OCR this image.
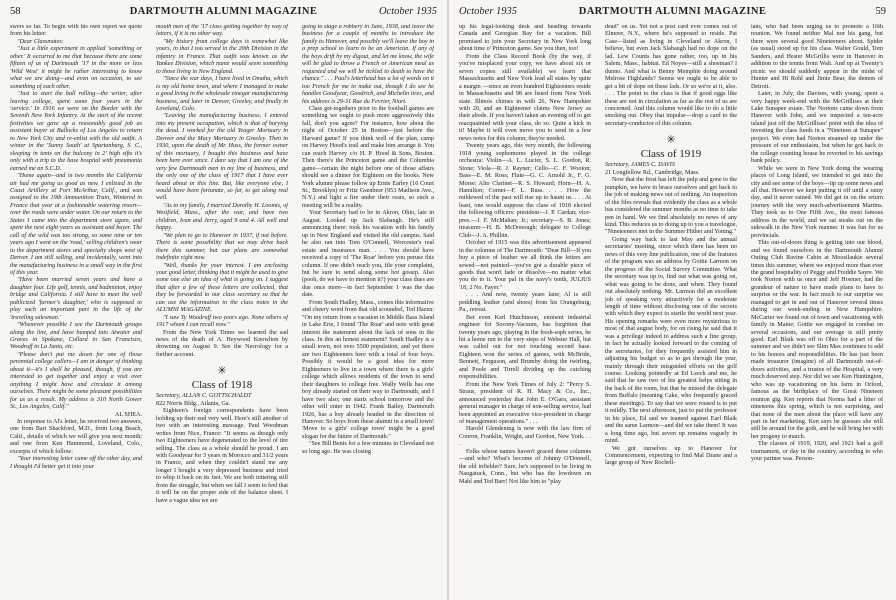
58	DARTMOUTH ALUMNI MAGAZINE	October 1935

swers so far. To begin with his own report we quote from his letter:

"Dear Classmates:

"Just a little experiment in applied 'something or other.' It occurred to me that because there are some fifteen of us of Dartmouth '17 in the more or less 'Wild West' it might be rather interesting to know what we are doing—and even on occasion, to see something of each other.

"Just to start the ball rolling—the writer, after leaving college, spent some four years in the 'service.' In 1916 we were on the Border with the Seventh New York Infantry. At the start of the recent festivities we gave up a reasonably good job as assistant buyer at Bullocks of Los Angeles to return to New York City and re-enlist with the old outfit. A winter in the 'Sunny South' at Spartanburg, S. C., sleeping in tents on the balcony in 2' high sifts it's only with a trip to the base hospital with pneumonia earned me an S.C.D.

"Home again—and in two months the California air had me going as good as new. I enlisted in the Coast Artillery at Fort McArthur, Calif., and was assigned to the 19th Ammunition Train, Wintered in France that year at a fashionable watering resort—over the roads were under water. On our return to the States I came into the department store again, and spent the next eight years as assistant and buyer. The call of the wild was too strong, so some nine or ten years ago I went on the 'road,' selling children's wear to the department stores and specialty shops west of Denver. I am still selling, and incidentally, went into the manufacturing business in a small way in the first of this year.

"Have been married seven years and have a daughter four. Life golf, tennis, and badminton, enjoy bridge and California. I still have to meet the well publicized 'farmer's daughter,' who is supposed to play such an important part in the life of the 'traveling salesman.'

"Whenever possible I see the Dartmouth groups along the line, and have bumped into Atwater and Graves in Spokane, Collard in San Francisco, Woodruff in La Junta, etc.

"Please don't put me down for one of those perennial college callers—I am in danger of thinking about it—it's I shall be pleased, though, if you are interested to get together and enjoy a visit over anything I might have and circulate it among ourselves. There might be some pleasant possibilities for us as a result. My address is 310 North Gower St., Los Angeles, Calif."

AL SHEA.

In response to Al's letter, he received two answers, one from Bart Shackford, M.D., from Long Beach, Calif., details of which we will give you next month; and one from Ken Hammond, Loveland, Colo., excerpts of which follow:

"Your interesting letter came off the other day, and I thought I'd better get it into your

mouth men of the '17 class getting together by way of letters, if it is no other way.

"My history from college days is somewhat like yours, in that I too served in the 20th Division in the infantry in France. That outfit was known as the Yankee Division, which name would seem something to those living in New England.

"Since the war days, I have lived in Omaha, which is my old home town, and where I managed to make a good living in the wholesale vinegar manufacturing business, and later in Denver, Greeley, and finally in Loveland, Colo.

"Leaving the manufacturing business, I entered into my present occupation, which is that of burying the dead. I worked for the old Yeager Mortuary in Denver and the Macy Mortuary in Greeley. Then in 1930, upon the death of Mr. Huss, the former owner of this mortuary, I bought this business and have been here ever since. I dare say that I am one of the very few Dartmouth men in my line of business, and the only one of the class of 1917 that I have ever heard about in this line. But, like everyone else, I would have been fortunate, so far, to get along real well.

"As to my family, I married Dorothy H. Loomis, of Westfield, Mass., after the war, and have two children, Ivan and Jerry, aged 9 and 4. All well and happy.

"We plan to go to Hanover in 1937, if not before. There is some possibility that we may drive back there this summer, but our plans are somewhat indefinite right now.

"Well, thanks for your interest. I am enclosing your good letter, thinking that it might be used to give some one else an idea of what is going on. I suggest that after a few of these letters are collected, that they be forwarded to our class secretary so that he can use the information in the class notes in the ALUMNI MAGAZINE.

"I saw Ty Woodruff two years ago. None others of 1917 whom I can recall now."

From the New York Times we learned the sad news of the death of A. Heywood Knowlton by drowning on August 9. See the Necrology for a further account.

✳
Class of 1918

Secretary, ALLAN C. GOTTSCHALDT

822 Norris Bldg., Atlanta, Ga.

Eighteen's foreign correspondents have been holding up their end very well. Here's still another of two with an interesting message. Paul Woodman writes from Nice, France: "It seems as though only two Eighteeners have degenerated to the level of tire selling. The class as a whole should be proud. I am with Goodyear for 3 years in Morocco and 31/2 years in France, and when they couldn't stand me any longer I bought a very depressed business and tried to whip it back on its feet. We are both tottering still from the struggle, but when we fall I seem to feel that it will be on the proper side of the balance sheet. I have a vague idea we are

going to stage a robbery in June, 1938, and leave the business for a couple of months to introduce the family to Hanover, and possibly we'll leave the boy in a prep school to learn to be an American. If any of the boys drift by my digout, and let me know, the wife will be glad to throw a French or American meal as requested and we will be tickled to death to have the chance." . . . Paul's letterhead has a lot of words on it too French for me to make out, though I do see he handles Goodyear, Goodrich, and Michelin tires, and his address is 29-31 Rue du Fevrier, Niort.

Class get-togethers prior to the football games are something we ought to push more aggressively this fall, don't you agree? For instance, how about the night of October 25 in Boston—just before the Harvard game? If you think well of the plan, camp on Harvey Hood's trail and make him arrange it. You can reach Harvey c/o H. P. Hood & Sons, Boston. Then there's the Princeton game and the Columbia game—certain the night before one of those affairs should see a dinner for Eighteen on the books. New York alumni please follow up Ernie Earley (16 Court St., Brooklyn) or Fritz Gsenbeer (953 Madison Ave., N.Y.) and light a fire under their rears, so such a meeting will be a reality.

Your Secretary had to be in Akron, Ohio, late in August. Looked up Jack Slabaugh. He's still announcing there: took his vacation with his family up in New England and visited the old campus. Said he also ran into Tom O'Connell, Worcester's real estate and insurance man. . . . You should have received a copy of 'The Roar' before you peruse this column. If one didn't reach you, file your complaint, but be sure to send along some hot gossip. Also (pooh, do we have to mention it?) your class dues are due once more—in fact September 1 was the due date.

From South Hadley, Mass., comes this informative and cheery word from that old scoundrel, Ted Hazen: "On my return from a vacation in Middle Bass Island in Lake Erie, I found 'The Roar' and note with great interest the statement about the lack of sons in the class. In this an honest statement? South Hadley is a small town, not over 5500 population, and yet there are two Eighteeners here with a total of four boys. Possibly it would be a good idea for more Eighteeners to live in a town where there is a girls' college which allows residents of the town to send their daughters to college free. Wally Wells has one boy already started on their way to Dartmouth, and I have two also; one starts school tomorrow and the other will enter in 1942. Frank Bailey, Dartmouth 1926, has a boy already headed in the direction of Hanover. So boys from these alumni in a small town! 'Move to a girls' college town' might be a good slogan for the future of Dartmouth."

"See Bill Benis for a few minutes in Cleveland not so long ago. He was closing

October 1935	DARTMOUTH ALUMNI MAGAZINE	59

up his legal-looking desk and heading towards Canada and Georgian Bay for a vacation. Bill promised to join your Secretary in New York long about time o' Princeton game. See you then, too!

From the Class Record Book (by the way, if you've misplaced your copy, we have about six or seven copies still available) we learn that Massachusetts and New York lead all states by quite a margin —since an even hundred Eighteeners reside in Massachusetts and 98 are listed from New York state. Illinois chimes in with 26, New Hampshire with 20, and an Eighteener claims New Jersey as their abode. If you haven't taken an evening off to get reacquainted with your class, do so. Quite a kick in it! Maybe it will even move you to send in a few news notes for this column; they're needed.

Twenty years ago, this very month, the following 1918 young sophomores played in the college orchestra: Violin—A. L. Lucier, S. L. Gordon, R. Stone; Viola—R. J. Rayner; Cello—C. F. Wooton; Bass—E. M. Ross; Flute—G. C. Arnold Jr., F. G. Morse; Alto Clarinet—R. S. Howard; Horn—H. A. Hamilton; Cornet—F. L. Russ. . . . How the mildewed of the past will rise up to haunt us. . . . At least, one would suppose the class of 1918 elected the following officers: president—J. P. Cardan; vice-pres.—J. F. McMahan; Jr.; secretary—S. B. Jones; treasurer—H. B. McDonough; delegate to College Club—J. A. Philbin.

October of 1915 was this advertisement appeared in the columns of The Dartmouth: "Dear Bill—If you buy a piece of leather we all think the letters are sewed—not painted—you've got a durable piece of goods that won't fade or dissolve—no matter what you do to it. Your pal in the navy's tenth, JULIUS '18, 2 No. Fayer."

. . . And now, twenty years later, Al is still peddling leather (and shoes) from his Orangeburg, Pa., retreat.

Bet even Karl Hutchinson, eminent industrial engineer for Socony-Vacuum, has forgotten that twenty years ago, playing in the fresh-soph series, he hit a home run to the very steps of Webster Hall, but was called out for not touching second base. Eighteen won the series of games, with McBride, Bennett, Ferguson, and Brumby doing the twirling, and Poole and Tirrell dividing up the catching responsibilities.

From the New York Times of July 2: "Percy S. Straus, president of R. H. Macy & Co., Inc., announced yesterday that John E. O'Gara, assistant general manager in charge of non-selling service, had been appointed an executive vice-president in charge of management operations." . . .

Harold Glendening is now with the law firm of Conron, Franklin, Wright, and Gordon, New York. . . .

Folks whose names haven't graced these columns—and who? What's become of Johnny O'Donnell, the old infielder? Sure, he's supposed to be living in Naugatuck, Conn., but who has the lowdown on Mahl and Ted Barr! Not like him to "play

dead" on us. Yet not a post card ever comes out of Elmore, N.Y., where he's supposed to reside. Pat Case—listed as living in Cleveland or Akron, I believe, but even Jack Slabaugh had no dope on the lad. Lew Counts has gone rather, too, up in his Salem, Mass., habitat. Ed Noyes—still a shoeman? I dunno. And what is Benny Memphie doing around Melrose Highlands? Seems we ought to be able to get a bit of dope on these lads. Or so we're at it, also. . . . The point to the class is that if good eggs like these are not in circulation as far as the rest of us are concerned. And this column would like to do a little smoking out. Obey that impulse—drop a card to the secretary-conductor of this column.

✳
Class of 1919

Secretary, JAMES C. DAVIS

21 Longfellow Rd., Cambridge, Mass.

Now that the frost has left the pulp and gone to the pumpkin, we have to brace ourselves and get back to the job of making news out of nothing. An inspection of the files reveals that evidently the class as a whole has considered the summer months as no time to take pen in hand. We we find absolutely no news of any kind. This reduces us to doing up to you a travelogue, "Nineteeners met in the Summer Hither and Yoning."

Going way back to last May and the annual secretaries' meeting, since which there has been no news of this very line publication, one of the features of the program was an address by Gottie Larmon on the progress of the Social Survey Committee. What the secretary was up to, find out what was going on, what was going to be done, and when. They found out absolutely nothing. Mr. Larmon did an excellent job of speaking very attractively for a moderate length of time without disclosing one of the secrets with which they expect to startle the world next year. His opening remarks were even more mysterious to most of that august body, for on rising he said that it was a privilege indeed to address such a fine group, in fact he actually looked forward to the coming of the secretaries, for they frequently assisted him in adjusting his budget so as to get through the year, mainly through their misguided efforts on the golf course. Looking pointedly at Ed Leech and me, he said that he saw two of his greatest helps sitting in the back of the room, but that he missed the delegate from Buffalo (meaning Cake, who frequently graced these meetings). To say that we were roused is to put it mildly. The next afternoon, just to put the professor in his place, Ed and we teamed against Earl Blaik and the same Larmon—and did we take them! It was a long time ago, but seven up remains vaguely in mind.

We got ourselves up to Hanover for Commencement, expecting to find Mal Drane and a large group of New Rochell-

ians, who had been urging us to promote a 16th reunion. We found neither Mal nor his gang, but there were several good Nineteeners about. Spider (as usual) stood up for his class. Walter Gould, Tom Sanders, and Hester McGrillis were in Hanover in addition to the tennis from Walt. And up at Twenty's picnic we should suddenly appear in the midst of Hunter and Hi Rohl and Jimie Bear, the demon of Detroit.

Later, in July, the Davises, with young, spent a very happy week-end with the McGrillises at their Lake Sunapee estate. The Nortons came down from Hanover with John, and we inspected a ten-acre island just off the McGrillises' point with the idea of investing the class funds in a "Nineteen at Sunapee" project. We even had Norton steamed up under the pressure of our enthusiasm, but when he got back to the college counting house he reverted to his savings bank policy.

While we were in New York doing the wearing places of Long Island, we intended to get into the city and see some of the boys—tip up some news and all that. However we kept putting it off until a rainy day, and it never rained. We did get in on the return journey with the very much-advertisement Martins. They took us to One Fifth Ave., the most famous address in the world, and we sat steaks out on the sidewalk in the New York manner. It was fun for us provincials.

This out-of-doors thing is getting into our blood, and we found ourselves in the Dartmouth Alumni Outing Club Ravine Cabin at Moosilaukie several times this summer, where we enjoyed more than ever the grand hospitality of Peggy and Freddie Sayre. We took Norton with us once and Jeff Hosmer, had the grandeur of nature to have made plans to have to surprise or the war. In fact much to our surprise we managed to get in and out of Hanover several times during our week-ending in New Hampshire. McCarter we found out of town and vacationing with family in Maine; Gottie we engaged in combat on several occasions, and our average is still pretty good. Earl Blaik was off to Ohio for a part of the summer and we didn't see Slim Max continues to add to his honors and responsibilities. He has just been made treasurer (imagine) of all Dartmouth out-of-doors activities, and a trustee of the Hospital, a very much deserved step. Nor did we see Ken Huntington, who was up vacationing on his farm in Orford, famous as the birthplace of the Great Nineteen reunion gig. Ken reports that Norma had a litter of nineteens this spring, which is not surprising, and that none of the men about the place will have any part in her marketing. Ken says he guesses she will still be around for the goth, and he will bring her with her progeny to march.

The classes of 1919, 1920, and 1921 had a golf tournament, or day in the country, according to who your partner was. Person-
